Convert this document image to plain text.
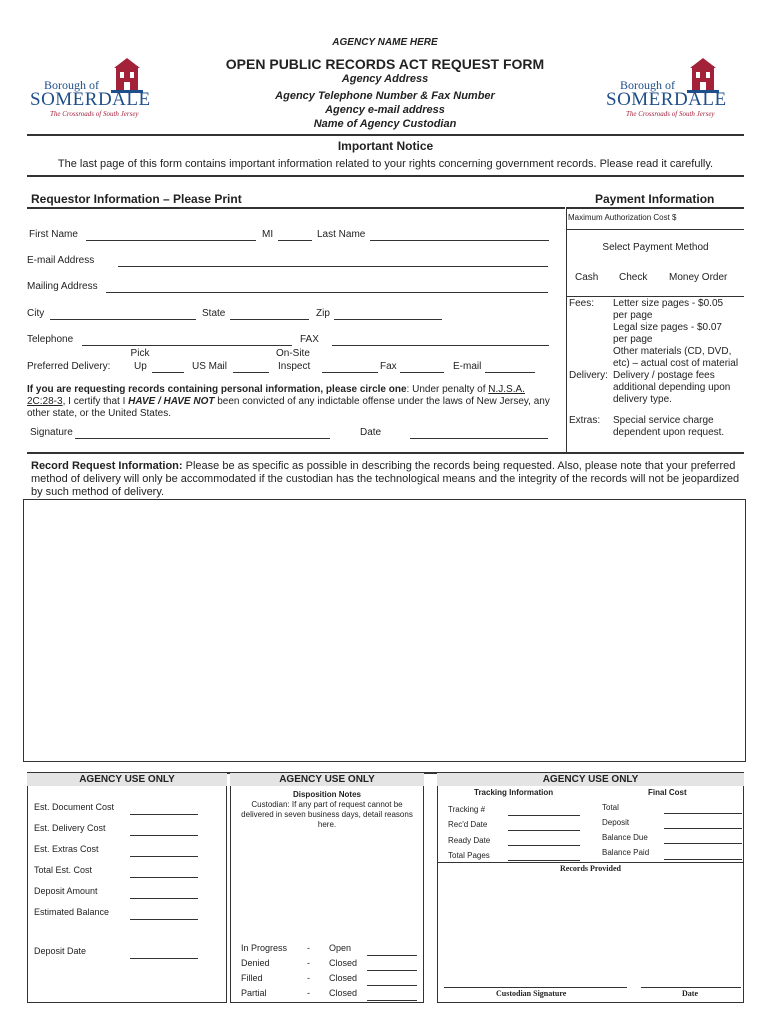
AGENCY NAME HERE
OPEN PUBLIC RECORDS ACT REQUEST FORM
Agency Address
Agency Telephone Number & Fax Number
Agency e-mail address
Name of Agency Custodian
Borough of
SOMERDALE
The Crossroads of South Jersey
Borough of
SOMERDALE
The Crossroads of South Jersey
Important Notice
The last page of this form contains important information related to your rights concerning government records. Please read it carefully.
Requestor Information – Please Print
First Name	MI	Last Name
E-mail Address
Mailing Address
City	State	Zip
Telephone	FAX
Preferred Delivery:
Pick
Up	US Mail
On-Site
Inspect	Fax	E-mail
If you are requesting records containing personal information, please circle one: Under penalty of N.J.S.A.
2C:28-3, I certify that I HAVE / HAVE NOT been convicted of any indictable offense under the laws of New Jersey, any other state, or the United States.
Signature	Date
Payment Information
Maximum Authorization Cost $
Select Payment Method
Cash Check Money Order
Fees: Letter size pages - $0.05
per page
Legal size pages - $0.07
per page
Other materials (CD, DVD,
etc) – actual cost of material
Delivery: Delivery / postage fees
additional depending upon
delivery type.
Extras: Special service charge
dependent upon request.
Record Request Information: Please be as specific as possible in describing the records being requested. Also, please note that your preferred method of delivery will only be accommodated if the custodian has the technological means and the integrity of the records will not be jeopardized by such method of delivery.
AGENCY USE ONLY
Est. Document Cost
Est. Delivery Cost
Est. Extras Cost
Total Est. Cost
Deposit Amount
Estimated Balance
Deposit Date
AGENCY USE ONLY
Disposition Notes
Custodian: If any part of request cannot be delivered in seven business days, detail reasons here.
In Progress - Open
Denied	- Closed
Filled	- Closed
Partial	- Closed
AGENCY USE ONLY
Tracking Information	Final Cost
Tracking #
Rec'd Date
Ready Date
Total Pages
Total
Deposit
Balance Due
Balance Paid
Records Provided
Custodian Signature	Date
